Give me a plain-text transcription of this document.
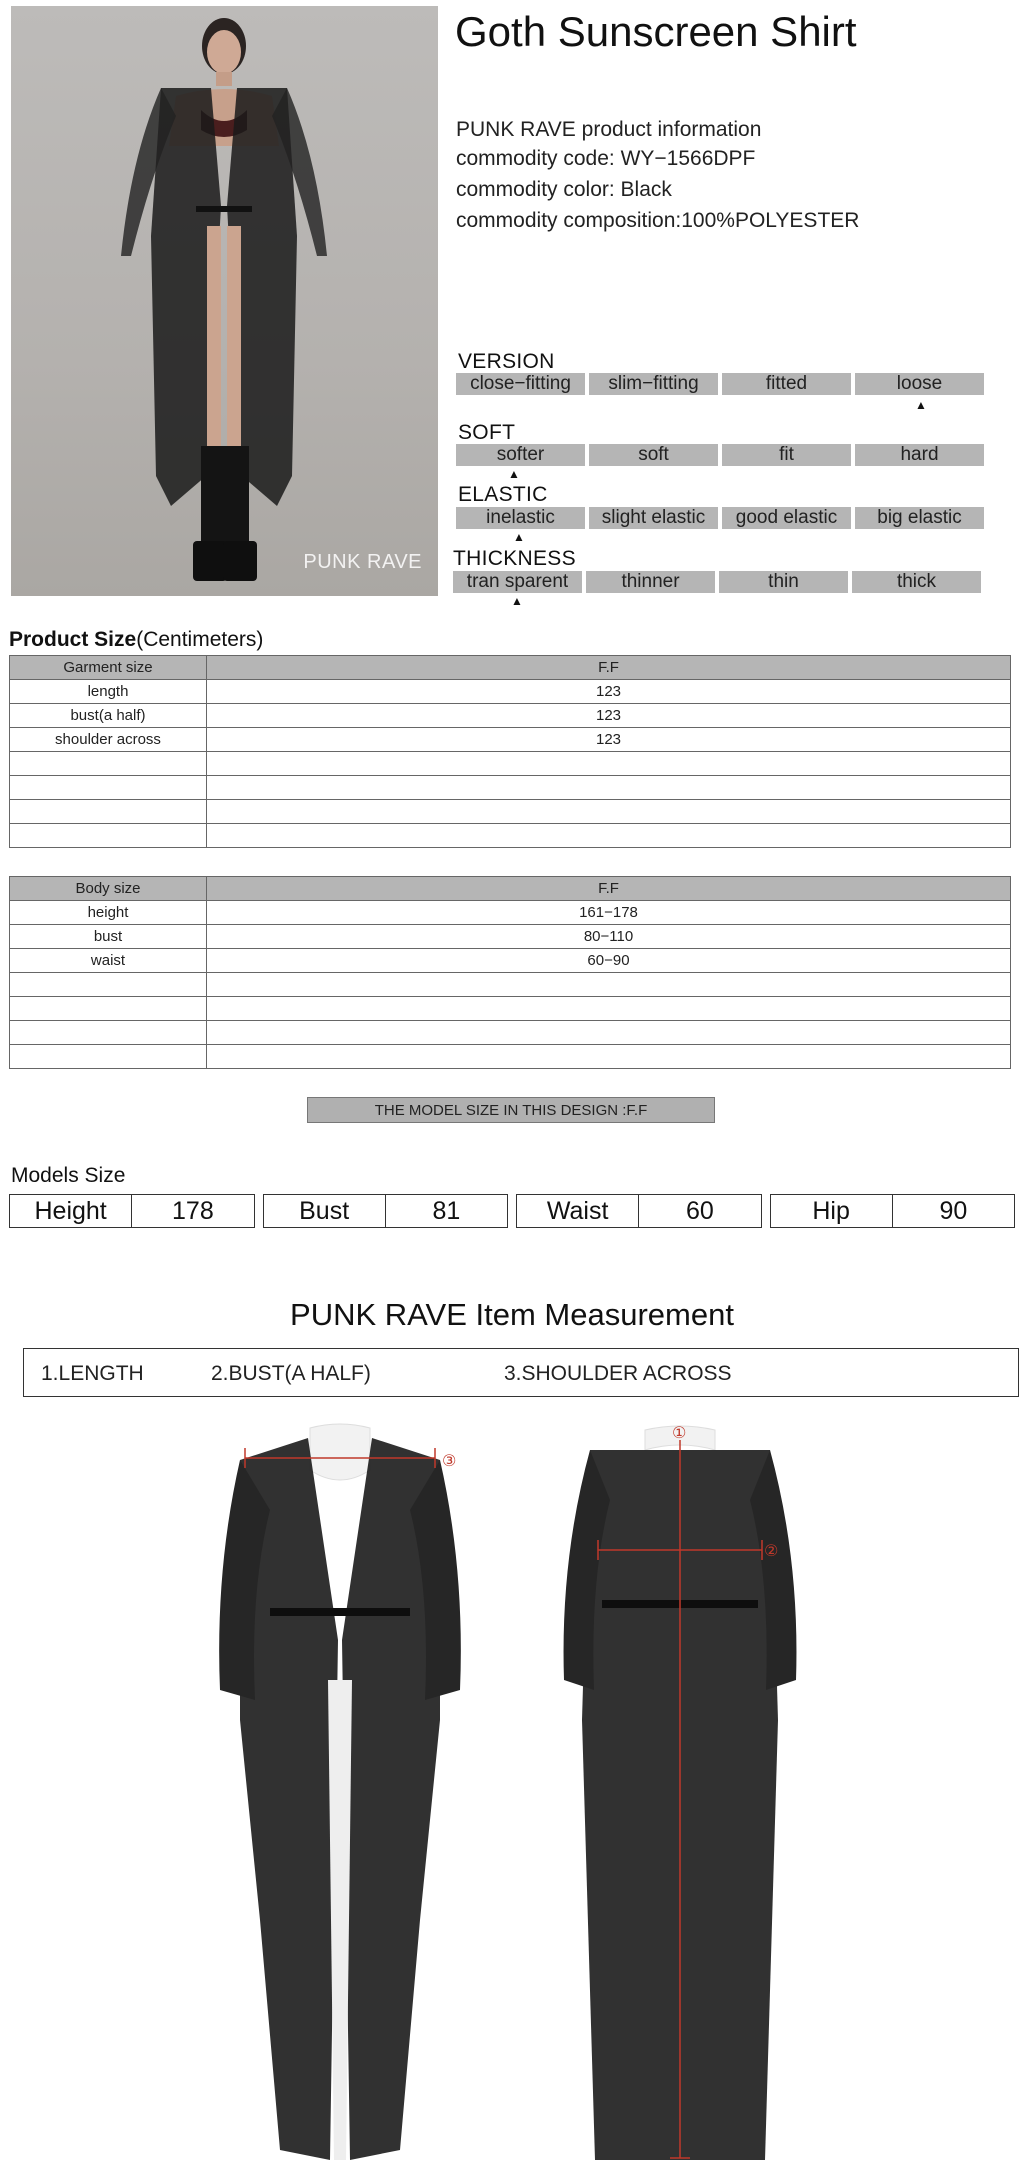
PUNK RAVE
Goth Sunscreen Shirt
PUNK RAVE product information
commodity code: WY−1566DPF
commodity color: Black
commodity composition:100%POLYESTER
VERSION
close−fitting	slim−fitting	fitted	loose
▲
SOFT
softer	soft	fit	hard
▲
ELASTIC
inelastic	slight elastic	good elastic	big elastic
▲
THICKNESS
tran sparent	thinner	thin	thick
▲
Product Size(Centimeters)
Garment size	F.F
length	123
bust(a half)	123
shoulder across	123

Body size	F.F
height	161−178
bust	80−110
waist	60−90

THE MODEL SIZE IN THIS DESIGN :F.F
Models Size
Height	178		Bust	81		Waist	60		Hip	90
PUNK RAVE Item Measurement
1.LENGTH	2.BUST(A HALF)	3.SHOULDER ACROSS
③
①
②
